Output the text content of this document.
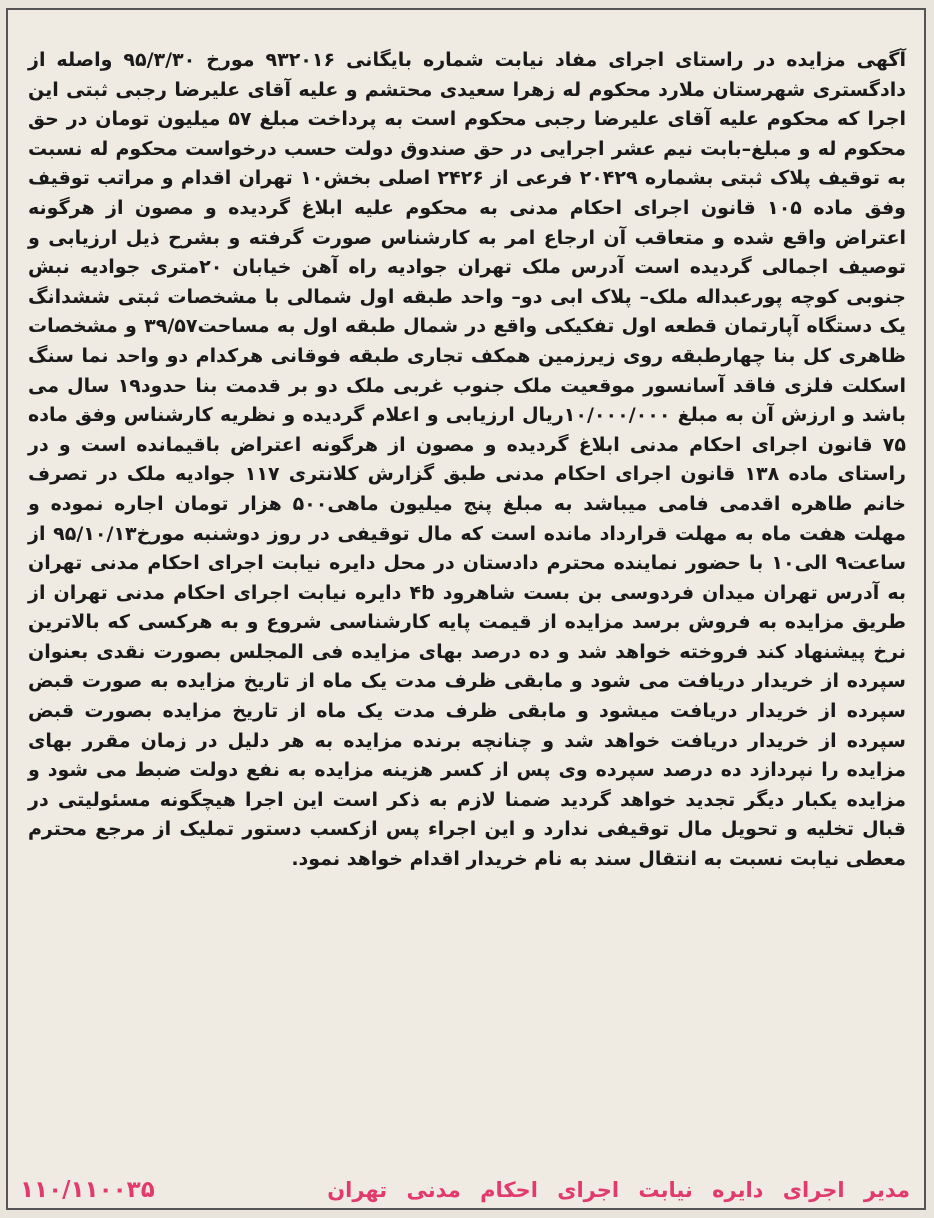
آگهی مزایده در راستای اجرای مفاد نیابت شماره بایگانی ۹۳۲۰۱۶ مورخ ۹۵/۳/۳۰ واصله از دادگستری شهرستان ملارد محکوم له زهرا سعیدی محتشم و علیه آقای علیرضا رجبی ثبتی این اجرا که محکوم علیه آقای علیرضا رجبی محکوم است به پرداخت مبلغ ۵۷ میلیون تومان در حق محکوم له و مبلغ–بابت نیم عشر اجرایی در حق صندوق دولت حسب درخواست محکوم له نسبت به توقیف پلاک ثبتی بشماره ۲۰۴۲۹ فرعی از ۲۴۲۶ اصلی بخش۱۰ تهران اقدام و مراتب توقیف وفق ماده ۱۰۵ قانون اجرای احکام مدنی به محکوم علیه ابلاغ گردیده و مصون از هرگونه اعتراض واقع شده و متعاقب آن ارجاع امر به کارشناس صورت گرفته و بشرح ذیل ارزیابی و توصیف اجمالی گردیده است آدرس ملک تهران جوادیه راه آهن خیابان ۲۰متری جوادیه نبش جنوبی کوچه پورعبداله ملک– پلاک ابی دو– واحد طبقه اول شمالی با مشخصات ثبتی ششدانگ یک دستگاه آپارتمان قطعه اول تفکیکی واقع در شمال طبقه اول به مساحت۳۹/۵۷ و مشخصات ظاهری کل بنا چهارطبقه روی زیرزمین همکف تجاری طبقه فوقانی هرکدام دو واحد نما سنگ اسکلت فلزی فاقد آسانسور موقعیت ملک جنوب غربی ملک دو بر قدمت بنا حدود۱۹ سال می باشد و ارزش آن به مبلغ ۱۰/۰۰۰/۰۰۰ریال ارزیابی و اعلام گردیده و نظریه کارشناس وفق ماده ۷۵ قانون اجرای احکام مدنی ابلاغ گردیده و مصون از هرگونه اعتراض باقیمانده است و در راستای ماده ۱۳۸ قانون اجرای احکام مدنی طبق گزارش کلانتری ۱۱۷ جوادیه ملک در تصرف خانم طاهره اقدمی فامی میباشد به مبلغ پنج میلیون ماهی۵۰۰ هزار تومان اجاره نموده و مهلت هفت ماه به مهلت قرارداد مانده است که مال توقیفی در روز دوشنبه مورخ۹۵/۱۰/۱۳ از ساعت۹ الی۱۰ با حضور نماینده محترم دادستان در محل دایره نیابت اجرای احکام مدنی تهران به آدرس تهران میدان فردوسی بن بست شاهرود ۴b دایره نیابت اجرای احکام مدنی تهران از طریق مزایده به فروش برسد مزایده از قیمت پایه کارشناسی شروع و به هرکسی که بالاترین نرخ پیشنهاد کند فروخته خواهد شد و ده درصد بهای مزایده فی المجلس بصورت نقدی بعنوان سپرده از خریدار دریافت می شود و مابقی ظرف مدت یک ماه از تاریخ مزایده به صورت قبض سپرده از خریدار دریافت میشود و مابقی ظرف مدت یک ماه از تاریخ مزایده بصورت قبض سپرده از خریدار دریافت خواهد شد و چنانچه برنده مزایده به هر دلیل در زمان مقرر بهای مزایده را نپردازد ده درصد سپرده وی پس از کسر هزینه مزایده به نفع دولت ضبط می شود و مزایده یکبار دیگر تجدید خواهد گردید ضمنا لازم به ذکر است این اجرا هیچگونه مسئولیتی در قبال تخلیه و تحویل مال توقیفی ندارد و این اجراء پس ازکسب دستور تملیک از مرجع محترم معطی نیابت نسبت به انتقال سند به نام خریدار اقدام خواهد نمود.

مدیر اجرای دایره نیابت اجرای احکام مدنی تهران
۱۱۰/۱۱۰۰۳۵
